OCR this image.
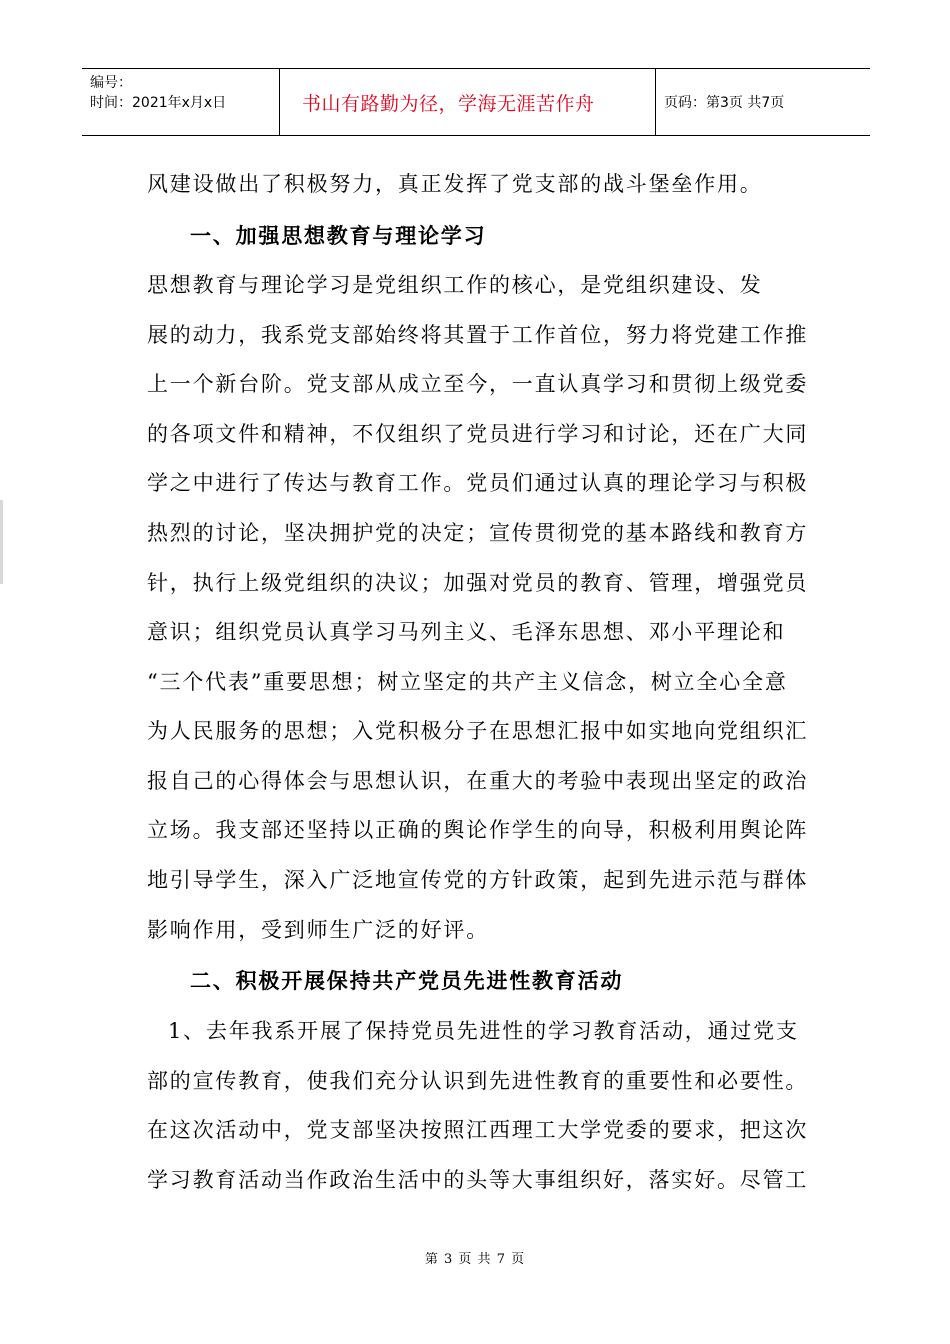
编号：
时间：2021年x月x日	书山有路勤为径，学海无涯苦作舟	页码：第3页 共7页
风建设做出了积极努力，真正发挥了党支部的战斗堡垒作用。
一、加强思想教育与理论学习
思想教育与理论学习是党组织工作的核心，是党组织建设、发
展的动力，我系党支部始终将其置于工作首位，努力将党建工作推
上一个新台阶。党支部从成立至今，一直认真学习和贯彻上级党委
的各项文件和精神，不仅组织了党员进行学习和讨论，还在广大同
学之中进行了传达与教育工作。党员们通过认真的理论学习与积极
热烈的讨论，坚决拥护党的决定；宣传贯彻党的基本路线和教育方
针，执行上级党组织的决议；加强对党员的教育、管理，增强党员
意识；组织党员认真学习马列主义、毛泽东思想、邓小平理论和
“三个代表”重要思想；树立坚定的共产主义信念，树立全心全意
为人民服务的思想；入党积极分子在思想汇报中如实地向党组织汇
报自己的心得体会与思想认识，在重大的考验中表现出坚定的政治
立场。我支部还坚持以正确的舆论作学生的向导，积极利用舆论阵
地引导学生，深入广泛地宣传党的方针政策，起到先进示范与群体
影响作用，受到师生广泛的好评。
二、积极开展保持共产党员先进性教育活动
1、去年我系开展了保持党员先进性的学习教育活动，通过党支
部的宣传教育，使我们充分认识到先进性教育的重要性和必要性。
在这次活动中，党支部坚决按照江西理工大学党委的要求，把这次
学习教育活动当作政治生活中的头等大事组织好，落实好。尽管工
第 3 页 共 7 页
